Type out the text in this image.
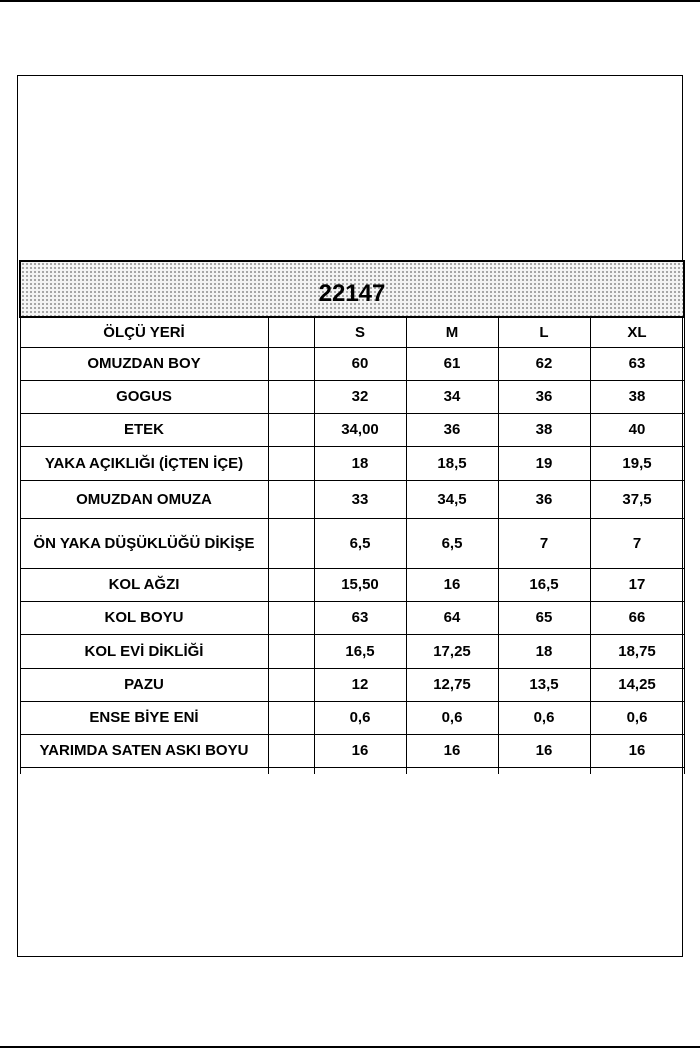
22147					
ÖLÇÜ YERİ		S	M	L	XL
OMUZDAN BOY		60	61	62	63
GOGUS		32	34	36	38
ETEK		34,00	36	38	40
YAKA AÇIKLIĞI (İÇTEN İÇE)		18	18,5	19	19,5
OMUZDAN OMUZA		33	34,5	36	37,5
ÖN YAKA DÜŞÜKLÜĞÜ DİKİŞE		6,5	6,5	7	7
KOL AĞZI		15,50	16	16,5	17
KOL BOYU		63	64	65	66
KOL EVİ DİKLİĞİ		16,5	17,25	18	18,75
PAZU		12	12,75	13,5	14,25
ENSE BİYE ENİ		0,6	0,6	0,6	0,6
YARIMDA SATEN ASKI BOYU		16	16	16	16
